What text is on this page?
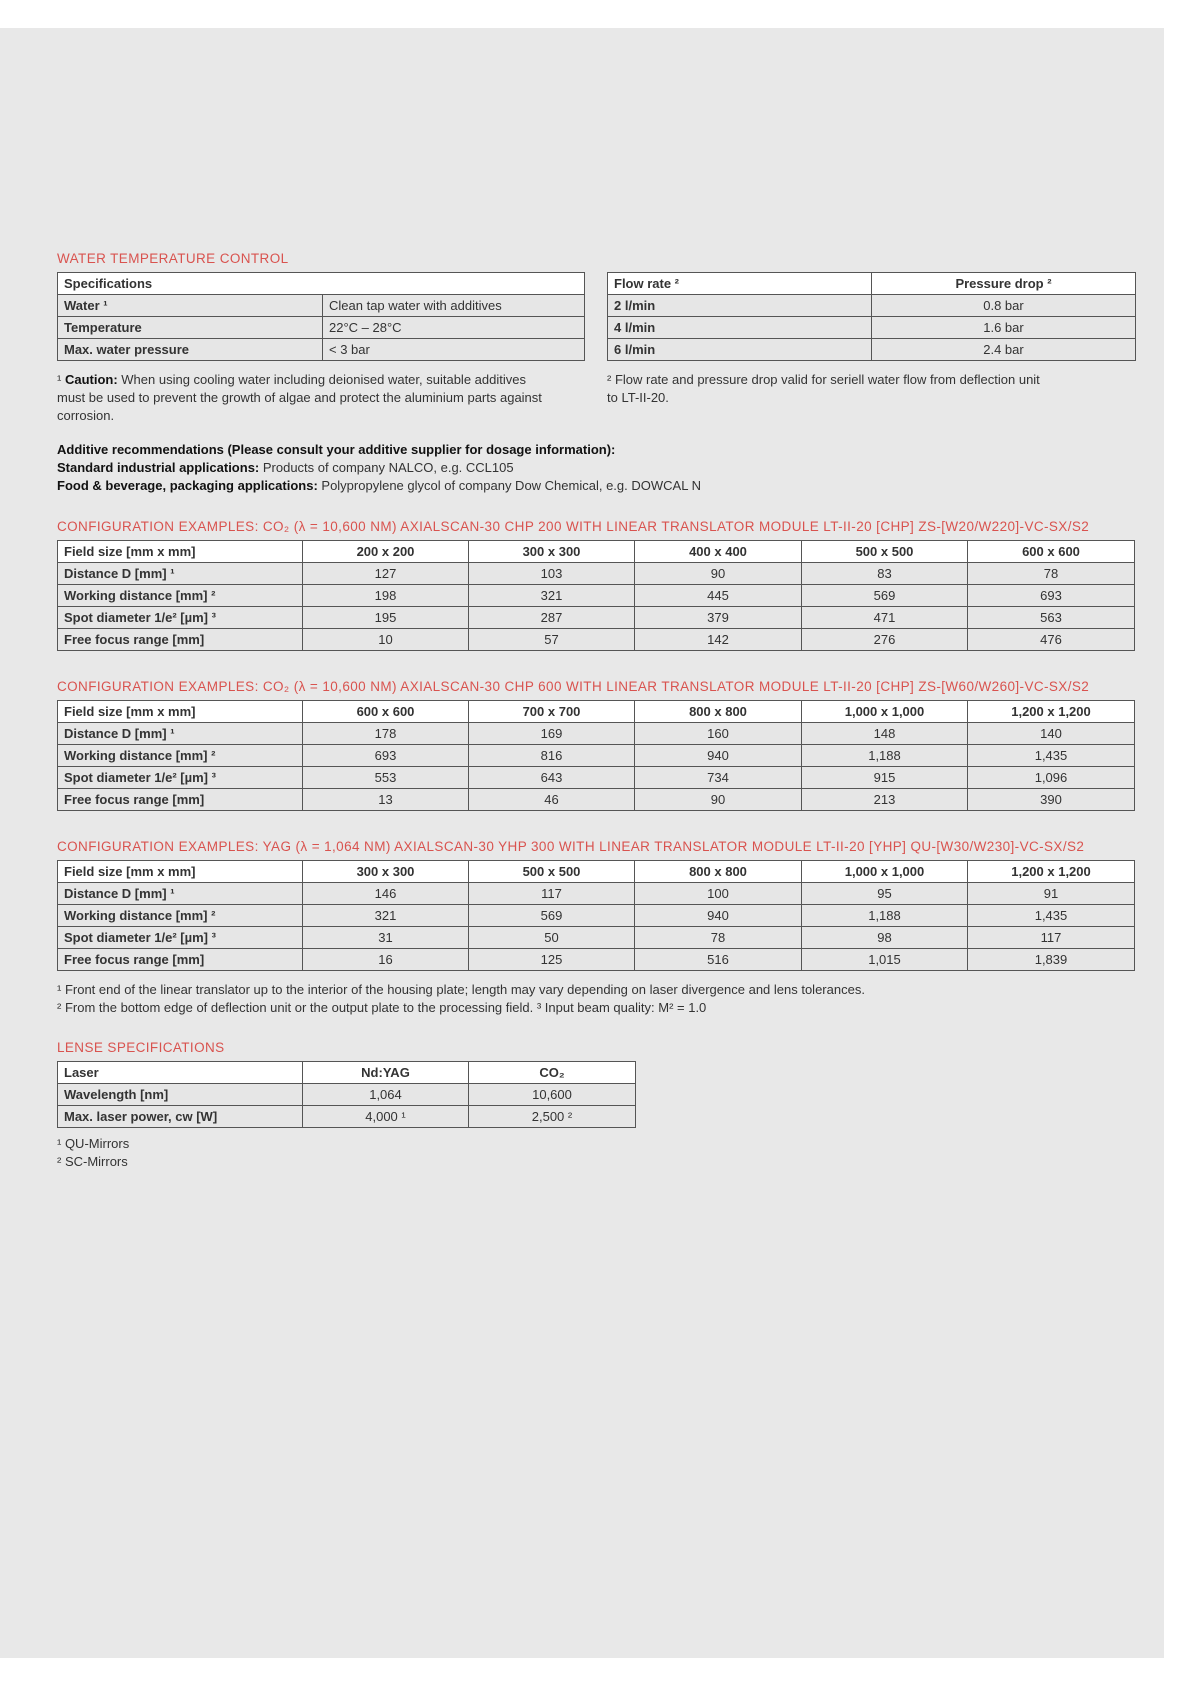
WATER TEMPERATURE CONTROL
Specifications	
Water ¹	Clean tap water with additives
Temperature	22°C – 28°C
Max. water pressure	< 3 bar
Flow rate ²	Pressure drop ²
2 l/min	0.8 bar
4 l/min	1.6 bar
6 l/min	2.4 bar
¹ Caution: When using cooling water including deionised water, suitable additives
must be used to prevent the growth of algae and protect the aluminium parts against
corrosion.
² Flow rate and pressure drop valid for seriell water flow from deflection unit
to LT-II-20.
Additive recommendations (Please consult your additive supplier for dosage information):
Standard industrial applications: Products of company NALCO, e.g. CCL105
Food & beverage, packaging applications: Polypropylene glycol of company Dow Chemical, e.g. DOWCAL N
CONFIGURATION EXAMPLES: CO₂ (λ = 10,600 NM) AXIALSCAN-30 CHP 200 WITH LINEAR TRANSLATOR MODULE LT-II-20 [CHP] ZS-[W20/W220]-VC-SX/S2
Field size [mm x mm]	200 x 200	300 x 300	400 x 400	500 x 500	600 x 600
Distance D [mm] ¹	127	103	90	83	78
Working distance [mm] ²	198	321	445	569	693
Spot diameter 1/e² [µm] ³	195	287	379	471	563
Free focus range [mm]	10	57	142	276	476
CONFIGURATION EXAMPLES: CO₂ (λ = 10,600 NM) AXIALSCAN-30 CHP 600 WITH LINEAR TRANSLATOR MODULE LT-II-20 [CHP] ZS-[W60/W260]-VC-SX/S2
Field size [mm x mm]	600 x 600	700 x 700	800 x 800	1,000 x 1,000	1,200 x 1,200
Distance D [mm] ¹	178	169	160	148	140
Working distance [mm] ²	693	816	940	1,188	1,435
Spot diameter 1/e² [µm] ³	553	643	734	915	1,096
Free focus range [mm]	13	46	90	213	390
CONFIGURATION EXAMPLES: YAG (λ = 1,064 NM) AXIALSCAN-30 YHP 300 WITH LINEAR TRANSLATOR MODULE LT-II-20 [YHP] QU-[W30/W230]-VC-SX/S2
Field size [mm x mm]	300 x 300	500 x 500	800 x 800	1,000 x 1,000	1,200 x 1,200
Distance D [mm] ¹	146	117	100	95	91
Working distance [mm] ²	321	569	940	1,188	1,435
Spot diameter 1/e² [µm] ³	31	50	78	98	117
Free focus range [mm]	16	125	516	1,015	1,839
¹ Front end of the linear translator up to the interior of the housing plate; length may vary depending on laser divergence and lens tolerances.
² From the bottom edge of deflection unit or the output plate to the processing field. ³ Input beam quality: M² = 1.0
LENSE SPECIFICATIONS
Laser	Nd:YAG	CO₂
Wavelength [nm]	1,064	10,600
Max. laser power, cw [W]	4,000 ¹	2,500 ²
¹ QU-Mirrors
² SC-Mirrors
